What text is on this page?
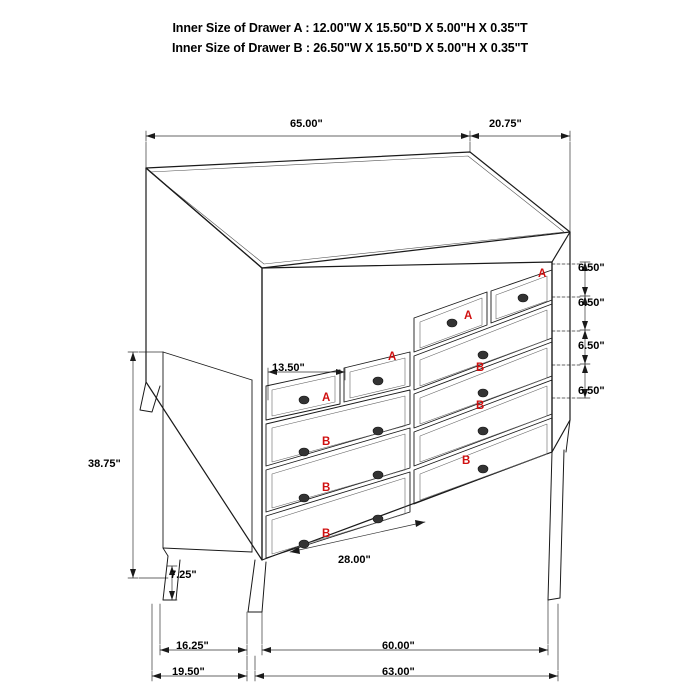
Inner Size of Drawer A : 12.00"W X 15.50"D X 5.00"H X 0.35"T
Inner Size of Drawer B : 26.50"W X 15.50"D X 5.00"H X 0.35"T
65.00"	20.75"
6.50"
6.50"
6.50"
6.50"
38.75"
7.25"
13.50"
28.00"
16.25"	60.00"
19.50"	63.00"
A
A
A
A
B
B
B
B
B
B
